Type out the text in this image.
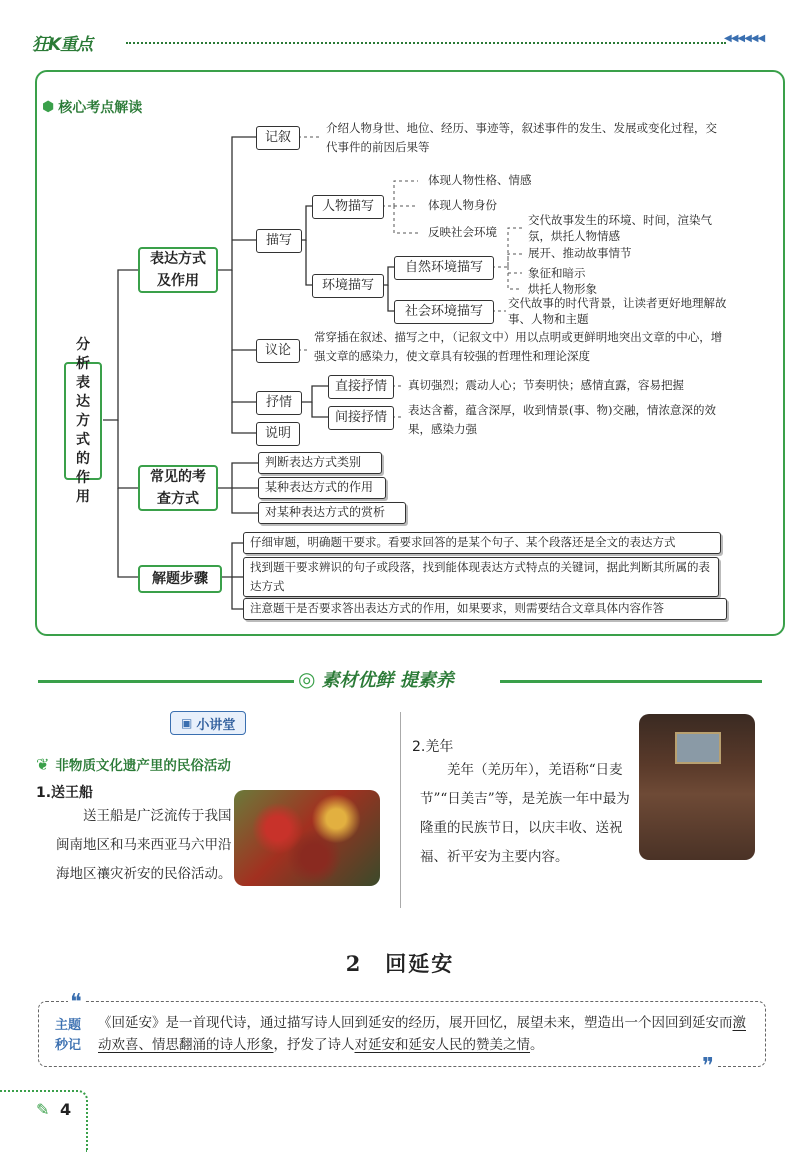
狂K重点	◀◀◀◀◀◀
⬢ 核心考点解读
分析表达方式的作用
表达方式及作用
记叙
介绍人物身世、地位、经历、事迹等，叙述事件的发生、发展或变化过程，交代事件的前因后果等
描写
人物描写
体现人物性格、情感
体现人物身份
反映社会环境
环境描写
自然环境描写
交代故事发生的环境、时间，渲染气氛，烘托人物情感
展开、推动故事情节
象征和暗示
烘托人物形象
社会环境描写
交代故事的时代背景，让读者更好地理解故事、人物和主题
议论
常穿插在叙述、描写之中，（记叙文中）用以点明或更鲜明地突出文章的中心，增强文章的感染力，使文章具有较强的哲理性和理论深度
抒情
直接抒情	真切强烈；震动人心；节奏明快；感情直露，容易把握
间接抒情	表达含蓄，蕴含深厚，收到情景(事、物)交融，情浓意深的效果，感染力强
说明
常见的考查方式
判断表达方式类别
某种表达方式的作用
对某种表达方式的赏析
解题步骤
仔细审题，明确题干要求。看要求回答的是某个句子、某个段落还是全文的表达方式
找到题干要求辨识的句子或段落，找到能体现表达方式特点的关键词，据此判断其所属的表达方式
注意题干是否要求答出表达方式的作用，如果要求，则需要结合文章具体内容作答
◎ 素材优鲜 提素养
▣ 小讲堂
❦ 非物质文化遗产里的民俗活动
1.送王船
送王船是广泛流传于我国闽南地区和马来西亚马六甲沿海地区禳灾祈安的民俗活动。
2.羌年
羌年（羌历年），羌语称“日麦节”“日美吉”等，是羌族一年中最为隆重的民族节日，以庆丰收、送祝福、祈平安为主要内容。
2　回延安
❝
❞
主题
秒记
《回延安》是一首现代诗，通过描写诗人回到延安的经历，展开回忆，展望未来，塑造出一个因回到延安而激动欢喜、情思翻涌的诗人形象，抒发了诗人对延安和延安人民的赞美之情。
✎ 4
